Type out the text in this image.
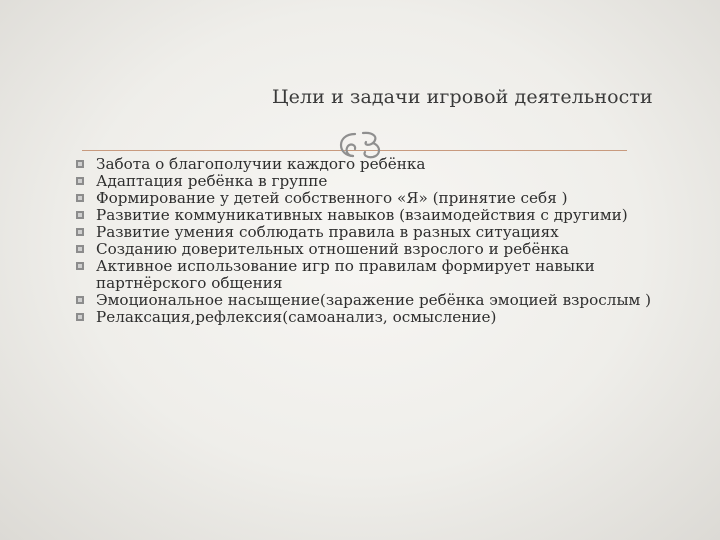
Цели и задачи игровой деятельности
Забота о благополучии каждого ребёнка
Адаптация ребёнка в группе
Формирование у детей собственного «Я» (принятие себя )
Развитие коммуникативных навыков (взаимодействия с другими)
Развитие умения соблюдать правила в разных ситуациях
Созданию доверительных отношений взрослого и ребёнка
Активное использование игр по правилам формирует навыки партнёрского общения
Эмоциональное насыщение(заражение ребёнка эмоцией взрослым )
Релаксация,рефлексия(самоанализ, осмысление)
